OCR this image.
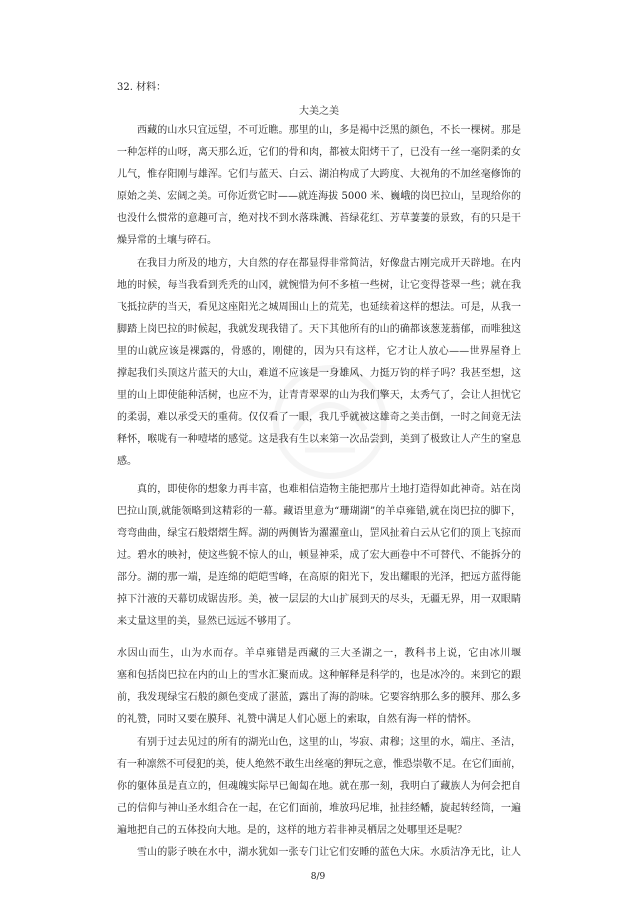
32. 材料：
大美之美
西藏的山水只宜远望，不可近瞧。那里的山，多是褐中泛黑的颜色，不长一棵树。那是
一种怎样的山呀，离天那么近，它们的骨和肉，都被太阳烤干了，已没有一丝一毫阴柔的女
儿气，惟存阳刚与雄浑。它们与蓝天、白云、湖泊构成了大跨度、大视角的不加丝毫修饰的
原始之美、宏阔之美。可你近赏它时——就连海拔 5000 米、巍峨的岗巴拉山，呈现给你的
也没什么惯常的意趣可言，绝对找不到水落珠溅、苔绿花红、芳草萋萋的景致，有的只是干
燥异常的土壤与碎石。
在我目力所及的地方，大自然的存在都显得非常简洁，好像盘古刚完成开天辟地。在内
地的时候，每当我看到秃秃的山冈，就惋惜为何不多植一些树，让它变得苍翠一些；就在我
飞抵拉萨的当天，看见这座阳光之城周围山上的荒芜，也延续着这样的想法。可是，从我一
脚踏上岗巴拉的时候起，我就发现我错了。天下其他所有的山的确都该葱茏蓊郁，而唯独这
里的山就应该是裸露的，骨感的，刚健的，因为只有这样，它才让人放心——世界屋脊上
撑起我们头顶这片蓝天的大山，难道不应该是一身雄风、力挺万钧的样子吗？我甚至想，这
里的山上即使能种活树，也应不为，让青青翠翠的山为我们擎天，太秀气了，会让人担忧它
的柔弱，难以承受天的重荷。仅仅看了一眼，我几乎就被这雄奇之美击倒，一时之间竟无法
释怀，喉咙有一种噎堵的感觉。这是我有生以来第一次品尝到，美到了极致让人产生的窒息
感。
真的，即使你的想象力再丰富，也难相信造物主能把那片土地打造得如此神奇。站在岗
巴拉山顶,就能领略到这精彩的一幕。藏语里意为“珊瑚湖”的羊卓雍错,就在岗巴拉的脚下，
弯弯曲曲，绿宝石般熠熠生辉。湖的两侧皆为濯濯童山，罡风扯着白云从它们的顶上飞掠而
过。碧水的映衬，使这些貌不惊人的山，顿显神采，成了宏大画卷中不可替代、不能拆分的
部分。湖的那一端，是连绵的皑皑雪峰，在高原的阳光下，发出耀眼的光泽，把远方蓝得能
掉下汁液的天幕切成锯齿形。美，被一层层的大山扩展到天的尽头，无疆无界，用一双眼睛
来丈量这里的美，显然已远远不够用了。
水因山而生，山为水而存。羊卓雍错是西藏的三大圣湖之一，教科书上说，它由冰川堰
塞和包括岗巴拉在内的山上的雪水汇聚而成。这种解释是科学的，也是冰冷的。来到它的跟
前，我发现绿宝石般的颜色变成了湛蓝，露出了海的韵味。它要容纳那么多的膜拜、那么多
的礼赞，同时又要在膜拜、礼赞中满足人们心愿上的索取，自然有海一样的情怀。
有别于过去见过的所有的湖光山色，这里的山，岑寂、肃穆；这里的水，端庄、圣洁，
有一种凛然不可侵犯的美，使人绝然不敢生出丝毫的狎玩之意，惟恐崇敬不足。在它们面前，
你的躯体虽是直立的，但魂魄实际早已匍匐在地。就在那一刻，我明白了藏族人为何会把自
己的信仰与神山圣水组合在一起，在它们面前，堆放玛尼堆，扯挂经幡，旋起转经筒，一遍
遍地把自己的五体投向大地。是的，这样的地方若非神灵栖居之处哪里还是呢？
雪山的影子映在水中，湖水犹如一张专门让它们安睡的蓝色大床。水质洁净无比，让人
8/9
